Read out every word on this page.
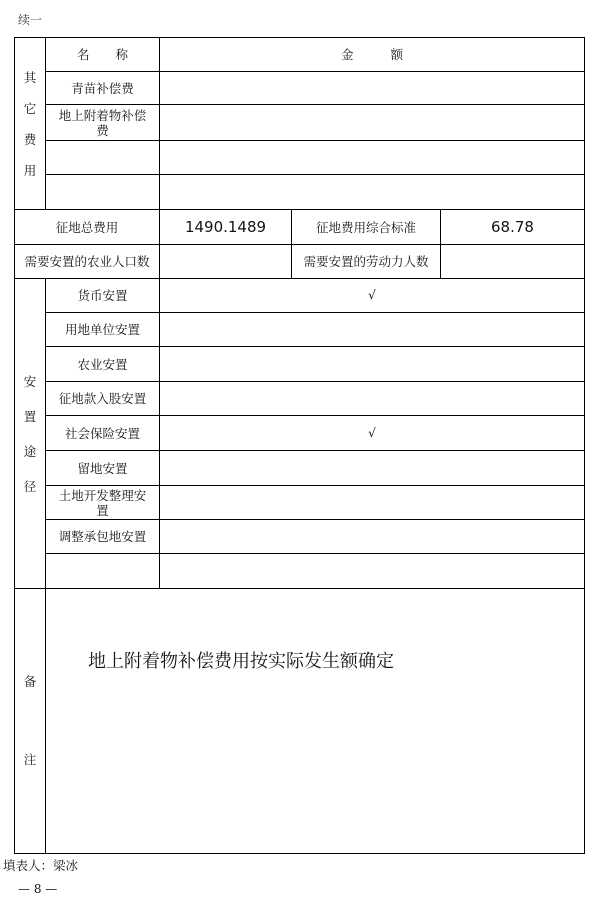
续一
其它费用
名 称	金 额
青苗补偿费
地上附着物补偿费
征地总费用	1490.1489	征地费用综合标准	68.78
需要安置的农业人口数	需要安置的劳动力人数
安置途径
货币安置	√
用地单位安置
农业安置
征地款入股安置
社会保险安置	√
留地安置
土地开发整理安置
调整承包地安置
备注
地上附着物补偿费用按实际发生额确定
填表人：梁冰
— 8 —
